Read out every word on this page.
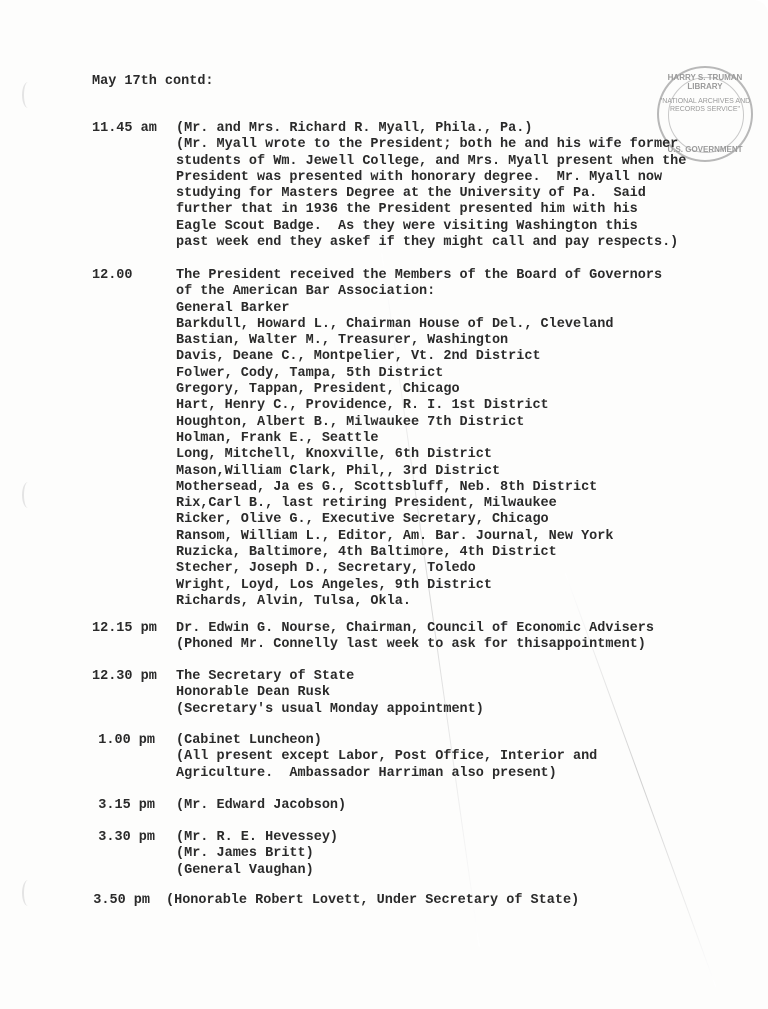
HARRY S. TRUMAN LIBRARY
"NATIONAL ARCHIVES AND RECORDS SERVICE"
U.S. GOVERNMENT
May 17th contd:
11.45 am	(Mr. and Mrs. Richard R. Myall, Phila., Pa.)
(Mr. Myall wrote to the President; both he and his wife former
students of Wm. Jewell College, and Mrs. Myall present when the
President was presented with honorary degree.  Mr. Myall now
studying for Masters Degree at the University of Pa.  Said
further that in 1936 the President presented him with his
Eagle Scout Badge.  As they were visiting Washington this
past week end they askef if they might call and pay respects.)
12.00	The President received the Members of the Board of Governors
of the American Bar Association:
General Barker
Barkdull, Howard L., Chairman House of Del., Cleveland
Bastian, Walter M., Treasurer, Washington
Davis, Deane C., Montpelier, Vt. 2nd District
Folwer, Cody, Tampa, 5th District
Gregory, Tappan, President, Chicago
Hart, Henry C., Providence, R. I. 1st District
Houghton, Albert B., Milwaukee 7th District
Holman, Frank E., Seattle
Long, Mitchell, Knoxville, 6th District
Mason,William Clark, Phil,, 3rd District
Mothersead, Ja es G., Scottsbluff, Neb. 8th District
Rix,Carl B., last retiring President, Milwaukee
Ricker, Olive G., Executive Secretary, Chicago
Ransom, William L., Editor, Am. Bar. Journal, New York
Ruzicka, Baltimore, 4th Baltimore, 4th District
Stecher, Joseph D., Secretary, Toledo
Wright, Loyd, Los Angeles, 9th District
Richards, Alvin, Tulsa, Okla.
12.15 pm	Dr. Edwin G. Nourse, Chairman, Council of Economic Advisers
(Phoned Mr. Connelly last week to ask for thisappointment)
12.30 pm	The Secretary of State
Honorable Dean Rusk
(Secretary's usual Monday appointment)
1.00 pm (Cabinet Luncheon)
(All present except Labor, Post Office, Interior and
Agriculture.  Ambassador Harriman also present)
3.15 pm (Mr. Edward Jacobson)
3.30 pm (Mr. R. E. Hevessey)
(Mr. James Britt)
(General Vaughan)
3.50 pm (Honorable Robert Lovett, Under Secretary of State)
